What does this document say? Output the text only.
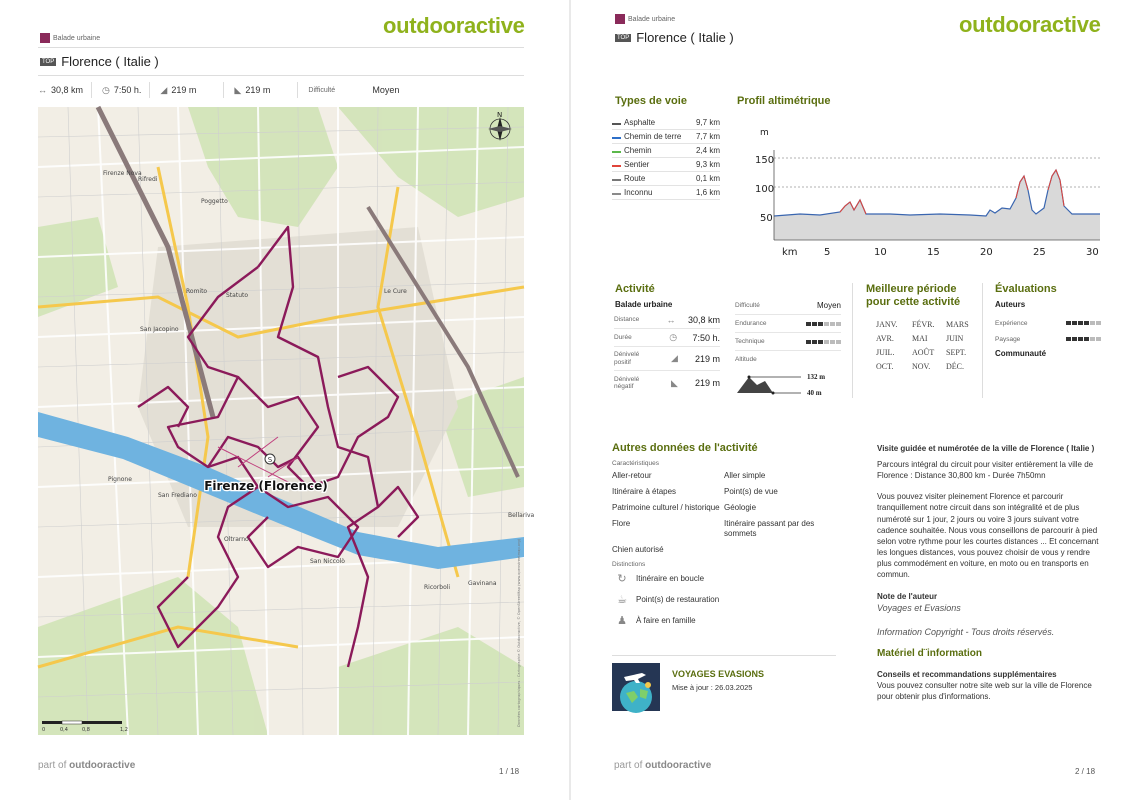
outdooractive
Balade urbaine
TOP Florence ( Italie )
↔ 30,8 km ◷ 7:50 h. ◢ 219 m	◣ 219 m	Difficulté	Moyen
S
Firenze (Florence)
Firenze Nova
Rifredi
Poggetto
Romito
Statuto
Le Cure
San Jacopino
San Frediano
Pignone
Oltrarno
San Niccolò
Ricorboli
Gavinana
Bellariva
N
0	0,4	0,8	1,2
Données cartographiques : Cartographie © Outdooractive, © OpenStreetMap (www.openstreetmap.org)
part of outdooractive
1 / 18
outdooractive
Balade urbaine
TOP Florence ( Italie )
Types de voie
Asphalte	9,7 km
Chemin de terre 7,7 km
Chemin	2,4 km
Sentier	9,3 km
Route	0,1 km
Inconnu	1,6 km
Profil altimétrique
m
150
100
50
km	5	10	15	20	25	30
Activité
Balade urbaine
Distance	↔	30,8 km
Durée	◷	7:50 h.
Dénivelé positif	◢	219 m
Dénivelé négatif	◣	219 m
Difficulté	Moyen
Endurance
Technique
Altitude
132 m
40 m
Meilleure période pour cette activité
JANV.	FÉVR.	MARS
AVR.	MAI	JUIN
JUIL.	AOÛT	SEPT.
OCT.	NOV.	DÉC.
Évaluations
Auteurs
Expérience
Paysage
Communauté
Autres données de l'activité
Caractéristiques
Aller-retour	Aller simple
Itinéraire à étapes	Point(s) de vue
Patrimoine culturel / historique Géologie
Flore	Itinéraire passant par des sommets
Chien autorisé
Distinctions
↻ Itinéraire en boucle
☕ Point(s) de restauration
♟ À faire en famille
VOYAGES EVASIONS
Mise à jour : 26.03.2025
Visite guidée et numérotée de la ville de Florence ( Italie )
Parcours intégral du circuit pour visiter entièrement la ville de Florence : Distance 30,800 km - Durée 7h50mn
Vous pouvez visiter pleinement Florence et parcourir tranquillement notre circuit dans son intégralité et de plus numéroté sur 1 jour, 2 jours ou voire 3 jours suivant votre cadence souhaitée. Nous vous conseillons de parcourir à pied selon votre rythme pour les courtes distances ... Et concernant les longues distances, vous pouvez choisir de vous y rendre plus commodément en voiture, en moto ou en transports en commun.
Note de l'auteur
Voyages et Evasions
Information Copyright - Tous droits réservés.
Matériel d¨information
Conseils et recommandations supplémentaires
Vous pouvez consulter notre site web sur la ville de Florence pour obtenir plus d'informations.
part of outdooractive
2 / 18
